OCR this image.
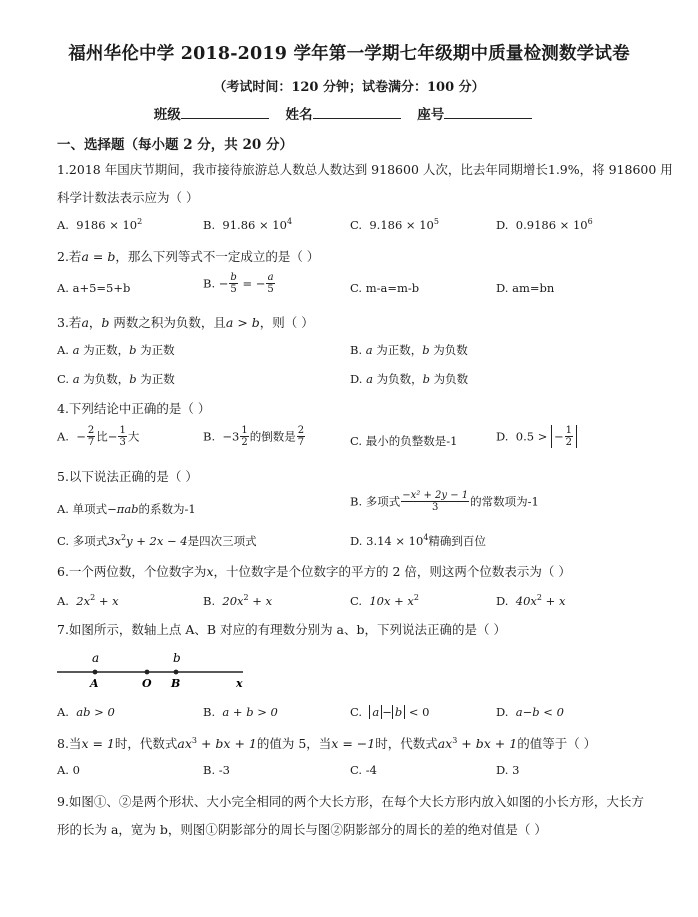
福州华伦中学 2018-2019 学年第一学期七年级期中质量检测数学试卷
（考试时间：120 分钟；试卷满分：100 分）
班级	姓名	座号
一、选择题（每小题 2 分，共 20 分）
1.2018 年国庆节期间，我市接待旅游总人数总人数达到 918600 人次，比去年同期增长1.9%，将 918600 用
科学计数法表示应为（ ）
A. $9186 \times 10^2$	B. $91.86 \times 10^4$	C. $9.186 \times 10^5$	D. $0.9186 \times 10^6$
2.若a = b，那么下列等式不一定成立的是（ ）
A. a+5=5+b	B. − $\frac{b}{5}$ = − $\frac{a}{5}$	C. m-a=m-b	D. am=bn
3.若a，b 两数之积为负数，且a > b，则（ ）
A. a 为正数，b 为正数	B. a 为正数，b 为负数
C. a 为负数，b 为正数	D. a 为负数，b 为负数
4.下列结论中正确的是（ ）
A. − $\frac{2}{7}$ 比− $\frac{1}{3}$ 大	B. $-3 \frac{1}{2}$ 的倒数是 $\frac{2}{7}$	C. 最小的负整数是-1	D. 0.5 > − $\frac{1}{2}$
5.以下说法正确的是（ ）
A. 单项式−πab的系数为-1
B. 多项式 $\frac{\text{−x² + 2y − 1}}{3}$ 的常数项为-1
C. 多项式$3x^2y + 2x - 4$是四次三项式	D. $3.14 \times 10^4$精确到百位
6.一个两位数，个位数字为x，十位数字是个位数字的平方的 2 倍，则这两个位数表示为（ ）
A. $2x^2 + x$	B. $20x^2 + x$	C. $10x + x^2$	D. $40x^2 + x$
7.如图所示，数轴上点 A、B 对应的有理数分别为 a、b，下列说法正确的是（ ）
a	b
A	O B	x
A. ab > 0	B. a + b > 0	C. a − b < 0	D. a−b < 0
8.当x = 1时，代数式$ax^3$ + bx + 1的值为 5，当x = −1时，代数式$ax^3$ + bx + 1的值等于（ ）
A. 0	B. -3	C. -4	D. 3
9.如图①、②是两个形状、大小完全相同的两个大长方形，在每个大长方形内放入如图的小长方形，大长方
形的长为 a，宽为 b，则图①阴影部分的周长与图②阴影部分的周长的差的绝对值是（ ）
